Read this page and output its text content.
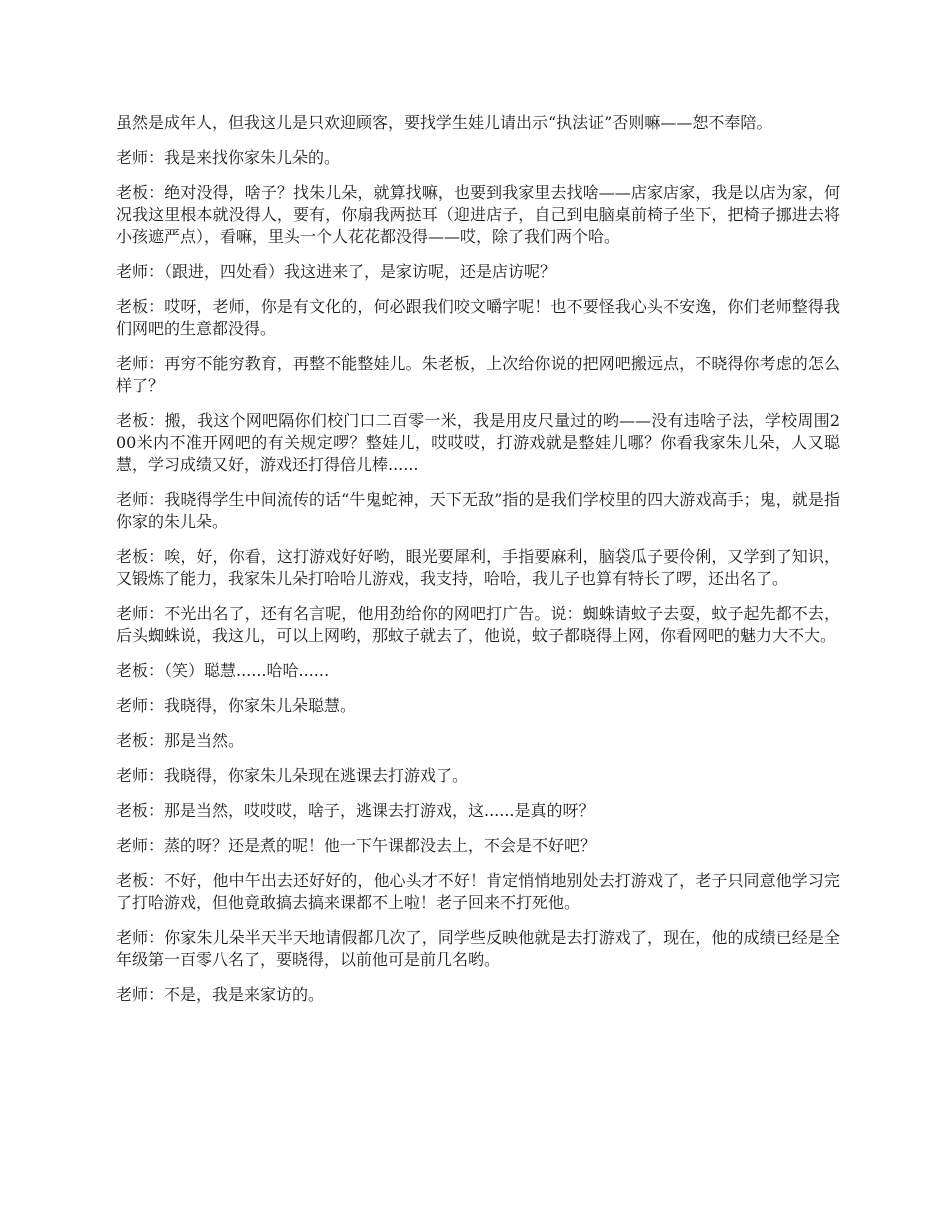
虽然是成年人，但我这儿是只欢迎顾客，要找学生娃儿请出示“执法证”否则嘛——恕不奉陪。

老师：我是来找你家朱儿朵的。

老板：绝对没得，啥子？找朱儿朵，就算找嘛，也要到我家里去找啥——店家店家，我是以店为家，何况我这里根本就没得人，要有，你扇我两挞耳（迎进店子，自己到电脑桌前椅子坐下，把椅子挪进去将小孩遮严点），看嘛，里头一个人花花都没得——哎，除了我们两个哈。

老师：（跟进，四处看）我这进来了，是家访呢，还是店访呢？

老板：哎呀，老师，你是有文化的，何必跟我们咬文嚼字呢！也不要怪我心头不安逸，你们老师整得我们网吧的生意都没得。

老师：再穷不能穷教育，再整不能整娃儿。朱老板，上次给你说的把网吧搬远点，不晓得你考虑的怎么样了？

老板：搬，我这个网吧隔你们校门口二百零一米，我是用皮尺量过的哟——没有违啥子法，学校周围200米内不准开网吧的有关规定啰？整娃儿，哎哎哎，打游戏就是整娃儿哪？你看我家朱儿朵，人又聪慧，学习成绩又好，游戏还打得倍儿棒......

老师：我晓得学生中间流传的话“牛鬼蛇神，天下无敌”指的是我们学校里的四大游戏高手；鬼，就是指你家的朱儿朵。

老板：唉，好，你看，这打游戏好好哟，眼光要犀利，手指要麻利，脑袋瓜子要伶俐，又学到了知识，又锻炼了能力，我家朱儿朵打哈哈儿游戏，我支持，哈哈，我儿子也算有特长了啰，还出名了。

老师：不光出名了，还有名言呢，他用劲给你的网吧打广告。说：蜘蛛请蚊子去耍，蚊子起先都不去，后头蜘蛛说，我这儿，可以上网哟，那蚊子就去了，他说，蚊子都晓得上网，你看网吧的魅力大不大。

老板：（笑）聪慧......哈哈......

老师：我晓得，你家朱儿朵聪慧。

老板：那是当然。

老师：我晓得，你家朱儿朵现在逃课去打游戏了。

老板：那是当然，哎哎哎，啥子，逃课去打游戏，这......是真的呀？

老师：蒸的呀？还是煮的呢！他一下午课都没去上，不会是不好吧？

老板：不好，他中午出去还好好的，他心头才不好！肯定悄悄地别处去打游戏了，老子只同意他学习完了打哈游戏，但他竟敢搞去搞来课都不上啦！老子回来不打死他。

老师：你家朱儿朵半天半天地请假都几次了，同学些反映他就是去打游戏了，现在，他的成绩已经是全年级第一百零八名了，要晓得，以前他可是前几名哟。

老师：不是，我是来家访的。
